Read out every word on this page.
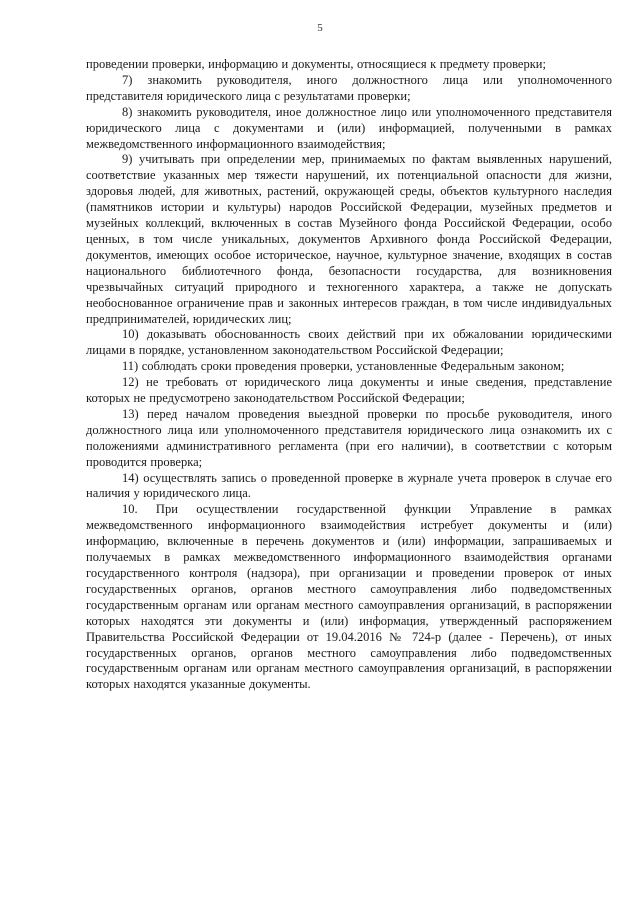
5

проведении проверки, информацию и документы, относящиеся к предмету проверки;

7) знакомить руководителя, иного должностного лица или уполномоченного представителя юридического лица с результатами проверки;

8) знакомить руководителя, иное должностное лицо или уполномоченного представителя юридического лица с документами и (или) информацией, полученными в рамках межведомственного информационного взаимодействия;

9) учитывать при определении мер, принимаемых по фактам выявленных нарушений, соответствие указанных мер тяжести нарушений, их потенциальной опасности для жизни, здоровья людей, для животных, растений, окружающей среды, объектов культурного наследия (памятников истории и культуры) народов Российской Федерации, музейных предметов и музейных коллекций, включенных в состав Музейного фонда Российской Федерации, особо ценных, в том числе уникальных, документов Архивного фонда Российской Федерации, документов, имеющих особое историческое, научное, культурное значение, входящих в состав национального библиотечного фонда, безопасности государства, для возникновения чрезвычайных ситуаций природного и техногенного характера, а также не допускать необоснованное ограничение прав и законных интересов граждан, в том числе индивидуальных предпринимателей, юридических лиц;

10) доказывать обоснованность своих действий при их обжаловании юридическими лицами в порядке, установленном законодательством Российской Федерации;

11) соблюдать сроки проведения проверки, установленные Федеральным законом;

12) не требовать от юридического лица документы и иные сведения, представление которых не предусмотрено законодательством Российской Федерации;

13) перед началом проведения выездной проверки по просьбе руководителя, иного должностного лица или уполномоченного представителя юридического лица ознакомить их с положениями административного регламента (при его наличии), в соответствии с которым проводится проверка;

14) осуществлять запись о проведенной проверке в журнале учета проверок в случае его наличия у юридического лица.

10. При осуществлении государственной функции Управление в рамках межведомственного информационного взаимодействия истребует документы и (или) информацию, включенные в перечень документов и (или) информации, запрашиваемых и получаемых в рамках межведомственного информационного взаимодействия органами государственного контроля (надзора), при организации и проведении проверок от иных государственных органов, органов местного самоуправления либо подведомственных государственным органам или органам местного самоуправления организаций, в распоряжении которых находятся эти документы и (или) информация, утвержденный распоряжением Правительства Российской Федерации от 19.04.2016 № 724-р (далее - Перечень), от иных государственных органов, органов местного самоуправления либо подведомственных государственным органам или органам местного самоуправления организаций, в распоряжении которых находятся указанные документы.
